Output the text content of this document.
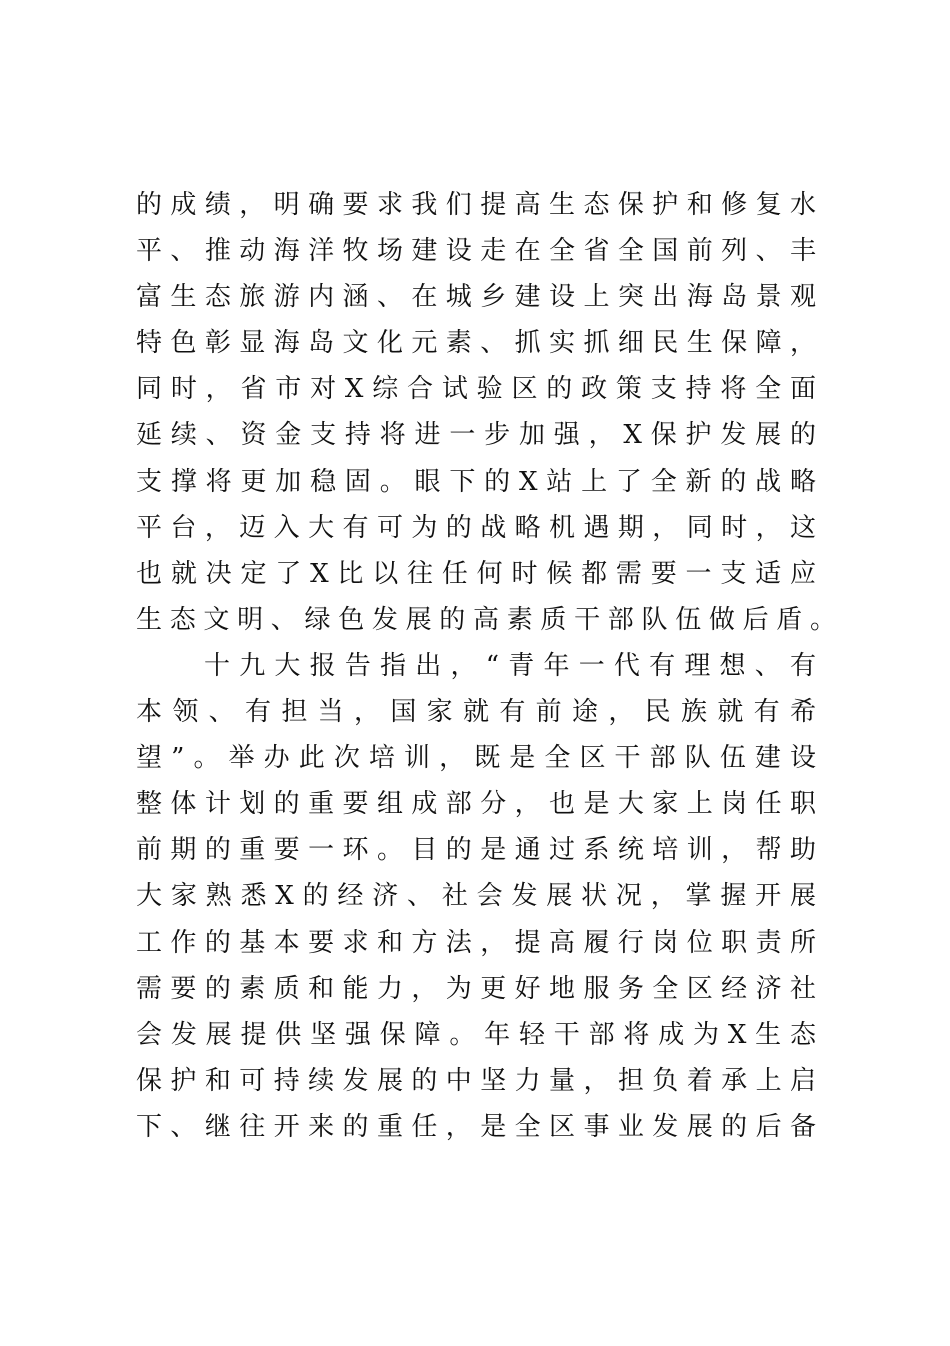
的成绩，明确要求我们提高生态保护和修复水
平、推动海洋牧场建设走在全省全国前列、丰
富生态旅游内涵、在城乡建设上突出海岛景观
特色彰显海岛文化元素、抓实抓细民生保障，
同时，省市对X综合试验区的政策支持将全面
延续、资金支持将进一步加强，X保护发展的
支撑将更加稳固。眼下的X站上了全新的战略
平台，迈入大有可为的战略机遇期，同时，这
也就决定了X比以往任何时候都需要一支适应
生态文明、绿色发展的高素质干部队伍做后盾。
十九大报告指出，“青年一代有理想、有
本领、有担当，国家就有前途，民族就有希
望”。举办此次培训，既是全区干部队伍建设
整体计划的重要组成部分，也是大家上岗任职
前期的重要一环。目的是通过系统培训，帮助
大家熟悉X的经济、社会发展状况，掌握开展
工作的基本要求和方法，提高履行岗位职责所
需要的素质和能力，为更好地服务全区经济社
会发展提供坚强保障。年轻干部将成为X生态
保护和可持续发展的中坚力量，担负着承上启
下、继往开来的重任，是全区事业发展的后备
